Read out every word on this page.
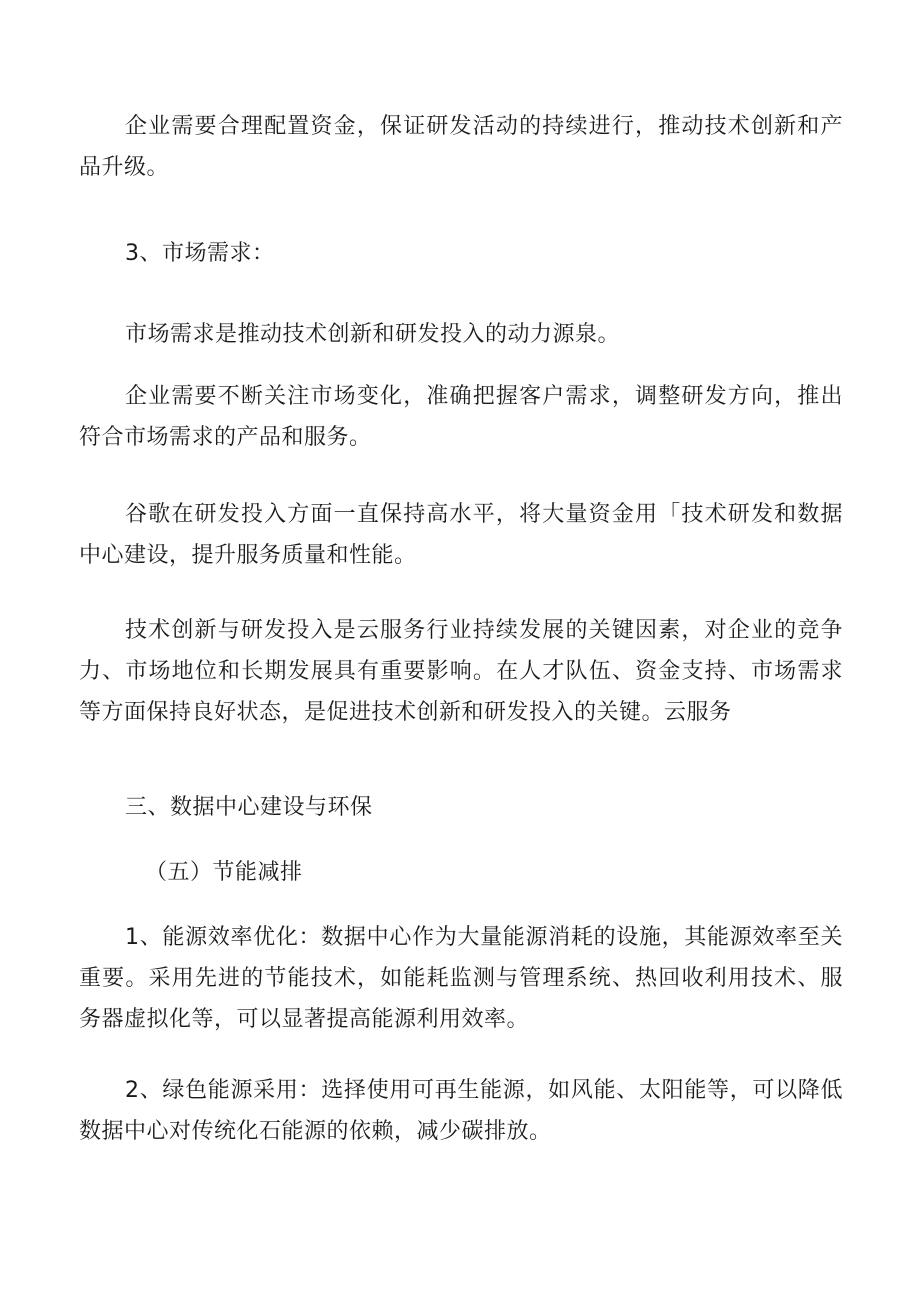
企业需要合理配置资金，保证研发活动的持续进行，推动技术创新和产品升级。

3、市场需求：

市场需求是推动技术创新和研发投入的动力源泉。

企业需要不断关注市场变化，准确把握客户需求，调整研发方向，推出符合市场需求的产品和服务。

谷歌在研发投入方面一直保持高水平，将大量资金用「技术研发和数据中心建设，提升服务质量和性能。

技术创新与研发投入是云服务行业持续发展的关键因素，对企业的竞争力、市场地位和长期发展具有重要影响。在人才队伍、资金支持、市场需求等方面保持良好状态，是促进技术创新和研发投入的关键。云服务

三、数据中心建设与环保

（五）节能减排

1、能源效率优化：数据中心作为大量能源消耗的设施，其能源效率至关重要。采用先进的节能技术，如能耗监测与管理系统、热回收利用技术、服务器虚拟化等，可以显著提高能源利用效率。

2、绿色能源采用：选择使用可再生能源，如风能、太阳能等，可以降低数据中心对传统化石能源的依赖，减少碳排放。
